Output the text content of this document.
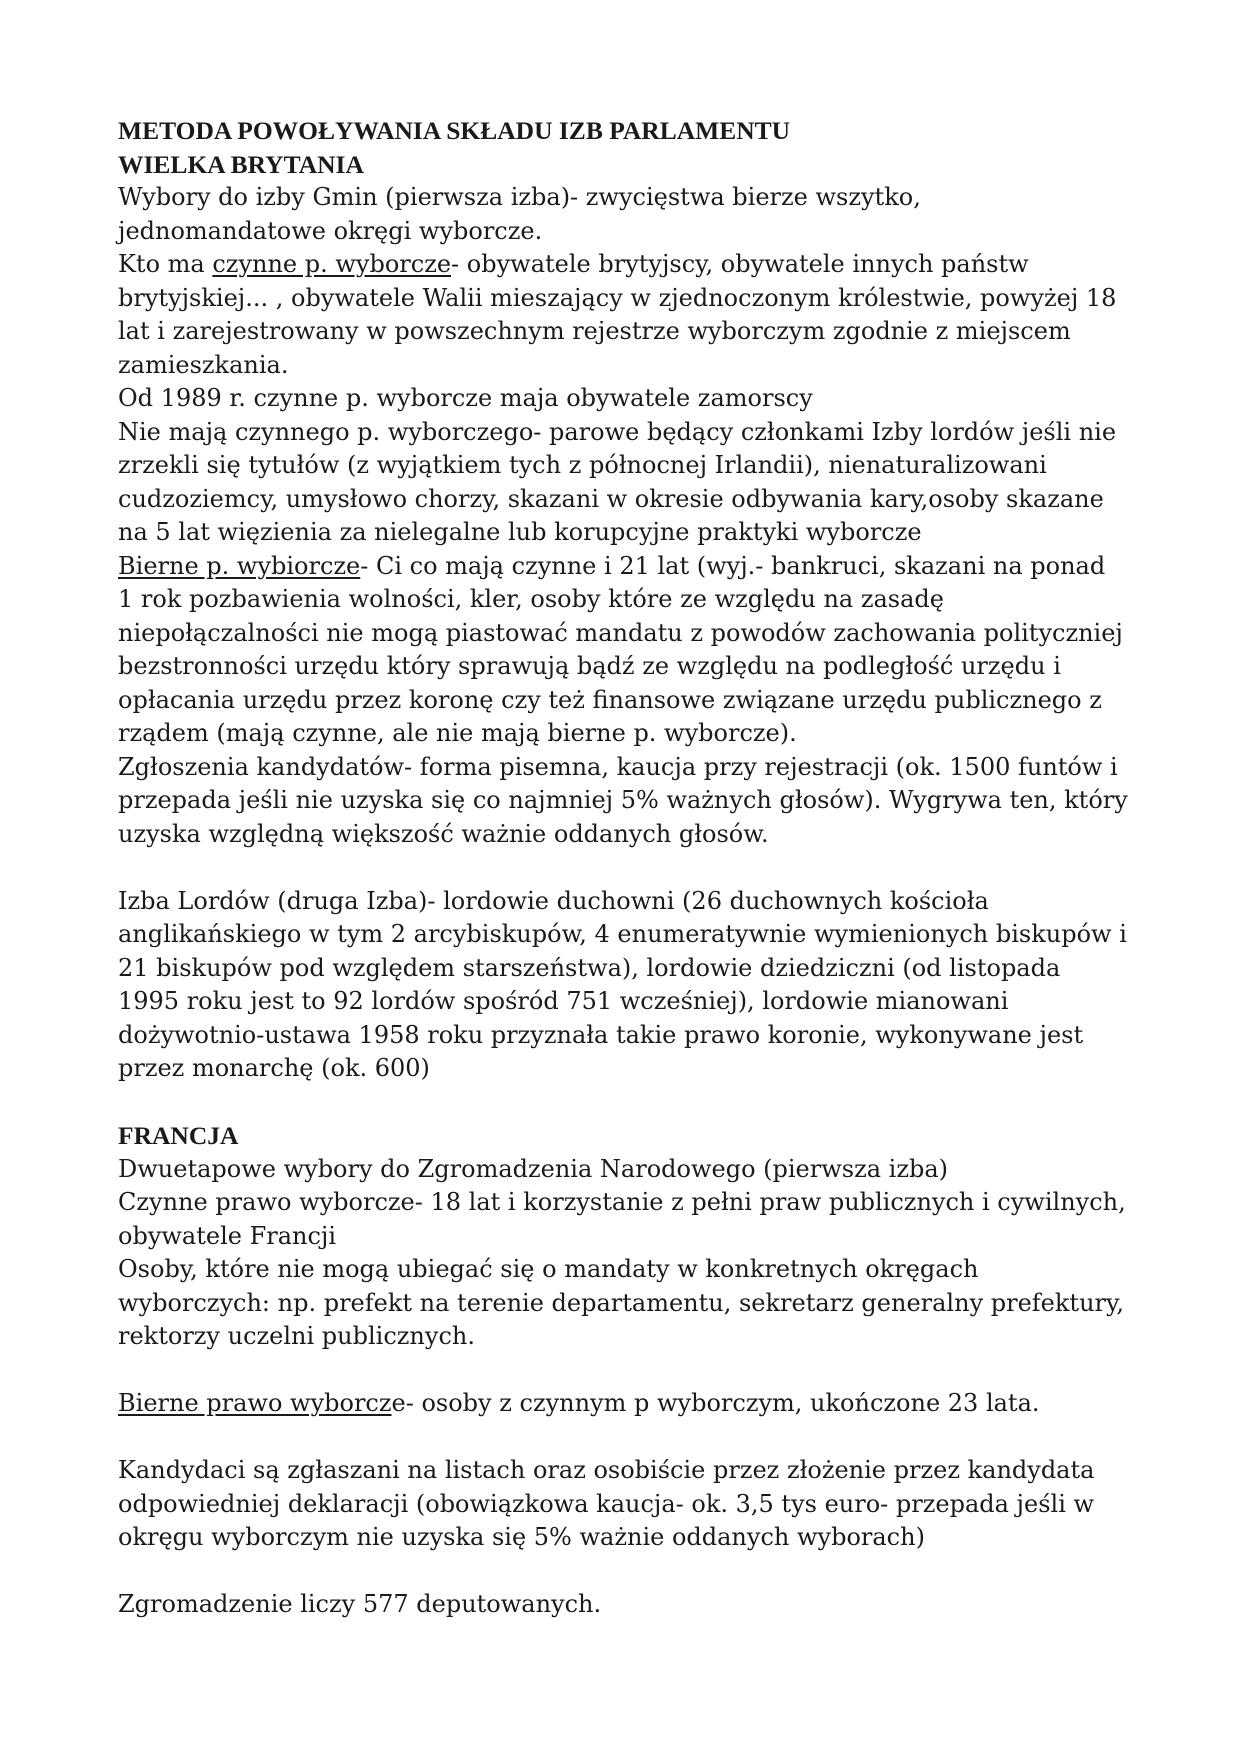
METODA POWOŁYWANIA SKŁADU IZB PARLAMENTU

WIELKA BRYTANIA

Wybory do izby Gmin (pierwsza izba)- zwycięstwa bierze wszytko, jednomandatowe okręgi wyborcze.

Kto ma czynne p. wyborcze- obywatele brytyjscy, obywatele innych państw brytyjskiej... , obywatele Walii mieszający w zjednoczonym królestwie, powyżej 18 lat i zarejestrowany w powszechnym rejestrze wyborczym zgodnie z miejscem zamieszkania.

Od 1989 r. czynne p. wyborcze maja obywatele zamorscy

Nie mają czynnego p. wyborczego- parowe będący członkami Izby lordów jeśli nie zrzekli się tytułów (z wyjątkiem tych z północnej Irlandii), nienaturalizowani cudzoziemcy, umysłowo chorzy, skazani w okresie odbywania kary,osoby skazane na 5 lat więzienia za nielegalne lub korupcyjne praktyki wyborcze

Bierne p. wybiorcze- Ci co mają czynne i 21 lat (wyj.- bankruci, skazani na ponad 1 rok pozbawienia wolności, kler, osoby które ze względu na zasadę niepołączalności nie mogą piastować mandatu z powodów zachowania polityczniej bezstronności urzędu który sprawują bądź ze względu na podległość urzędu i opłacania urzędu przez koronę czy też finansowe związane urzędu publicznego z rządem (mają czynne, ale nie mają bierne p. wyborcze).

Zgłoszenia kandydatów- forma pisemna, kaucja przy rejestracji (ok. 1500 funtów i przepada jeśli nie uzyska się co najmniej 5% ważnych głosów). Wygrywa ten, który uzyska względną większość ważnie oddanych głosów.

Izba Lordów (druga Izba)- lordowie duchowni (26 duchownych kościoła anglikańskiego w tym 2 arcybiskupów, 4 enumeratywnie wymienionych biskupów i 21 biskupów pod względem starszeństwa), lordowie dziedziczni (od listopada 1995 roku jest to 92 lordów spośród 751 wcześniej), lordowie mianowani dożywotnio-ustawa 1958 roku przyznała takie prawo koronie, wykonywane jest przez monarchę (ok. 600)

FRANCJA

Dwuetapowe wybory do Zgromadzenia Narodowego (pierwsza izba)

Czynne prawo wyborcze- 18 lat i korzystanie z pełni praw publicznych i cywilnych, obywatele Francji

Osoby, które nie mogą ubiegać się o mandaty w konkretnych okręgach wyborczych: np. prefekt na terenie departamentu, sekretarz generalny prefektury, rektorzy uczelni publicznych.

Bierne prawo wyborcze- osoby z czynnym p wyborczym, ukończone 23 lata.

Kandydaci są zgłaszani na listach oraz osobiście przez złożenie przez kandydata odpowiedniej deklaracji (obowiązkowa kaucja- ok. 3,5 tys euro- przepada jeśli w okręgu wyborczym nie uzyska się 5% ważnie oddanych wyborach)

Zgromadzenie liczy 577 deputowanych.
